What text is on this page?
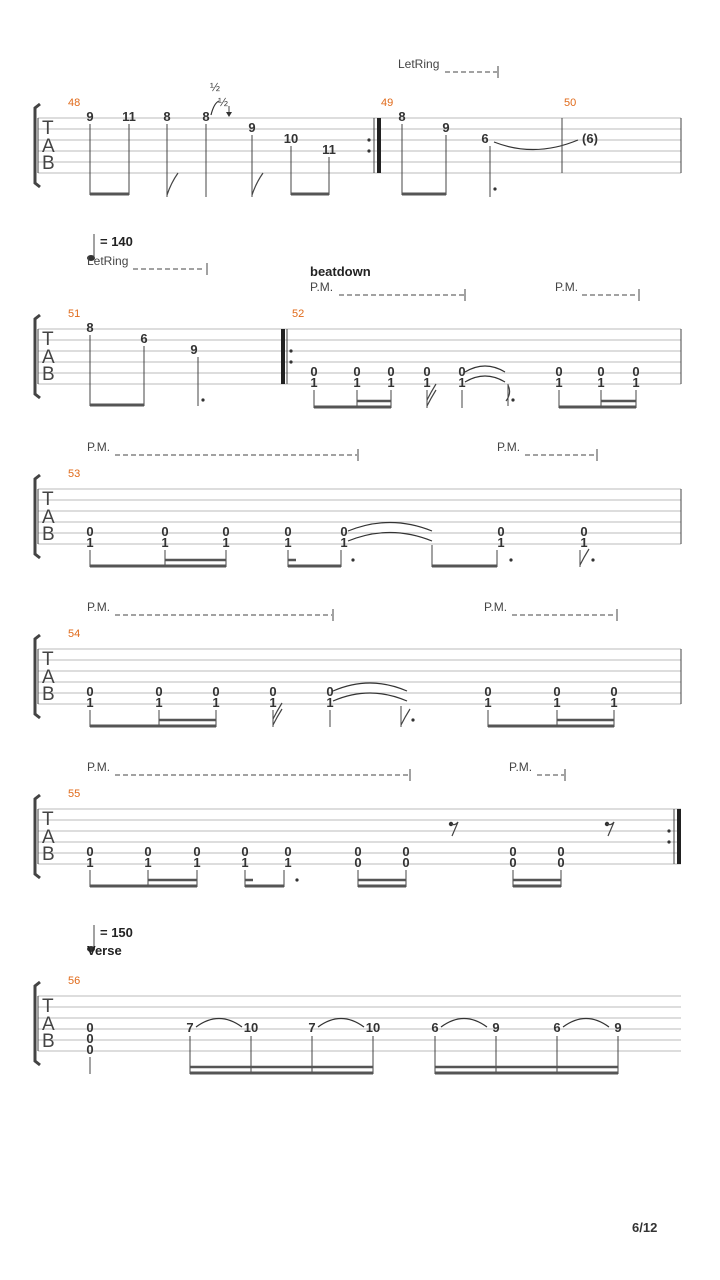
T
A
B
48	49	50
LetRing
½
½
9 11 8 8
9
10
11
8
9
6	(6)
= 140
LetRing
beatdown
P.M.	P.M.
T
A
B
51	52
8
6
9
0
1
0
1
0
1
0
1
0
1
0
1
0
1
0
1
P.M.	P.M.
T
A
B
53
0
1
0
1
0
1
0
1
0
1
0
1
0
1
P.M.	P.M.
T
A
B
54
0
1
0
1
0
1
0
1
0
1
0
1
0
1
0
1
P.M.	P.M.
T
A
B
55
0
1
0
1
0
1
0
1
0
1
0
0
0
0
0
0
0
0
= 150
Verse
T
A
B
56
0
0
0
7	10	7	10	6	9	6	9
6/12
